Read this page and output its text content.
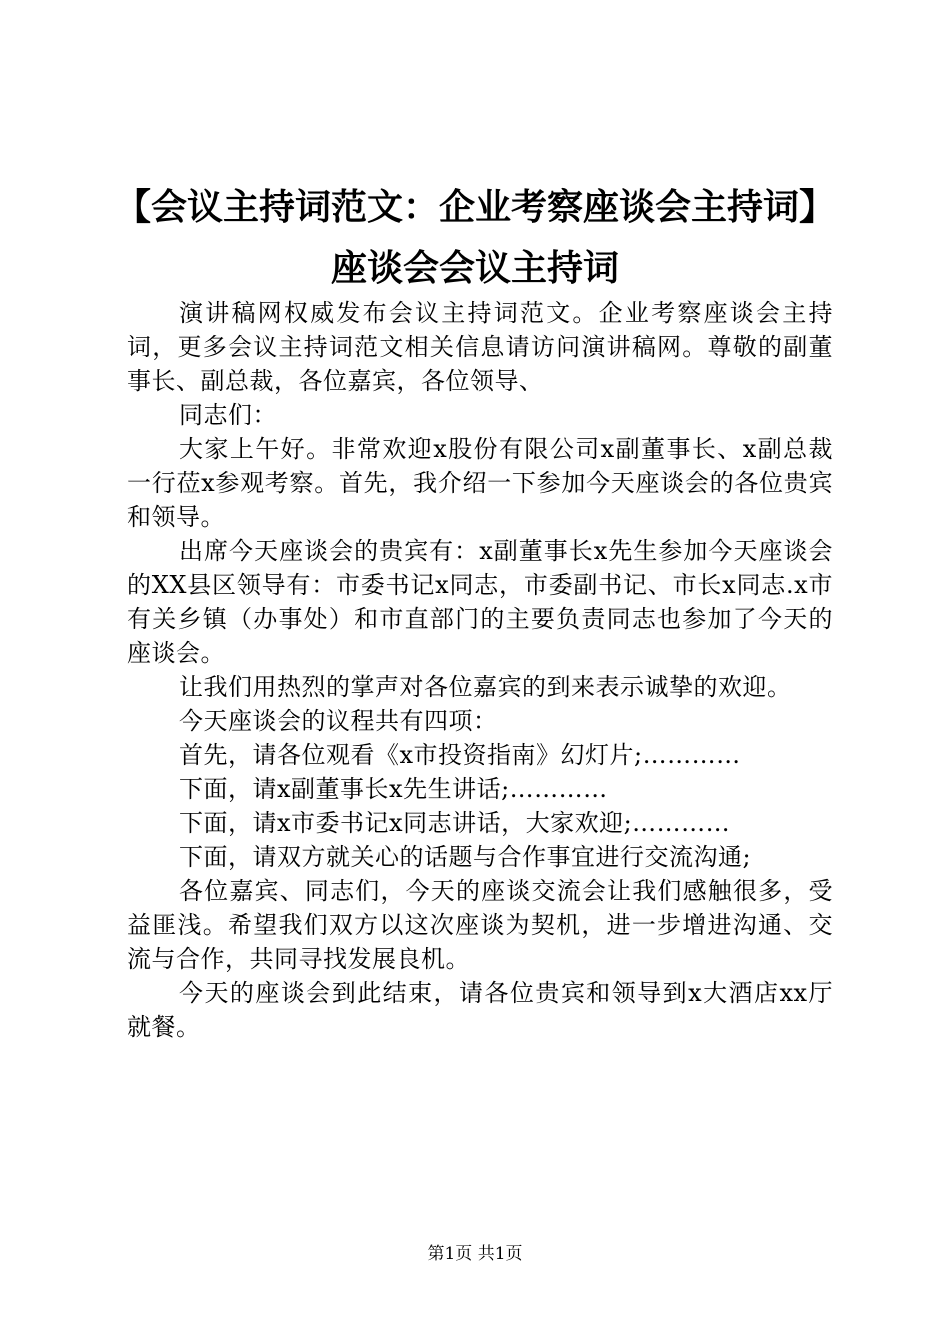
【会议主持词范文：企业考察座谈会主持词】
座谈会会议主持词

演讲稿网权威发布会议主持词范文。企业考察座谈会主持词，更多会议主持词范文相关信息请访问演讲稿网。尊敬的副董事长、副总裁，各位嘉宾，各位领导、

同志们：

大家上午好。非常欢迎x股份有限公司x副董事长、x副总裁一行莅x参观考察。首先，我介绍一下参加今天座谈会的各位贵宾和领导。

出席今天座谈会的贵宾有：x副董事长x先生参加今天座谈会的XX县区领导有：市委书记x同志，市委副书记、市长x同志.x市有关乡镇（办事处）和市直部门的主要负责同志也参加了今天的座谈会。

让我们用热烈的掌声对各位嘉宾的到来表示诚挚的欢迎。

今天座谈会的议程共有四项：

首先，请各位观看《x市投资指南》幻灯片;…………

下面，请x副董事长x先生讲话;…………

下面，请x市委书记x同志讲话，大家欢迎;…………

下面，请双方就关心的话题与合作事宜进行交流沟通;

各位嘉宾、同志们，今天的座谈交流会让我们感触很多，受益匪浅。希望我们双方以这次座谈为契机，进一步增进沟通、交流与合作，共同寻找发展良机。

今天的座谈会到此结束，请各位贵宾和领导到x大酒店xx厅就餐。

第1页 共1页
